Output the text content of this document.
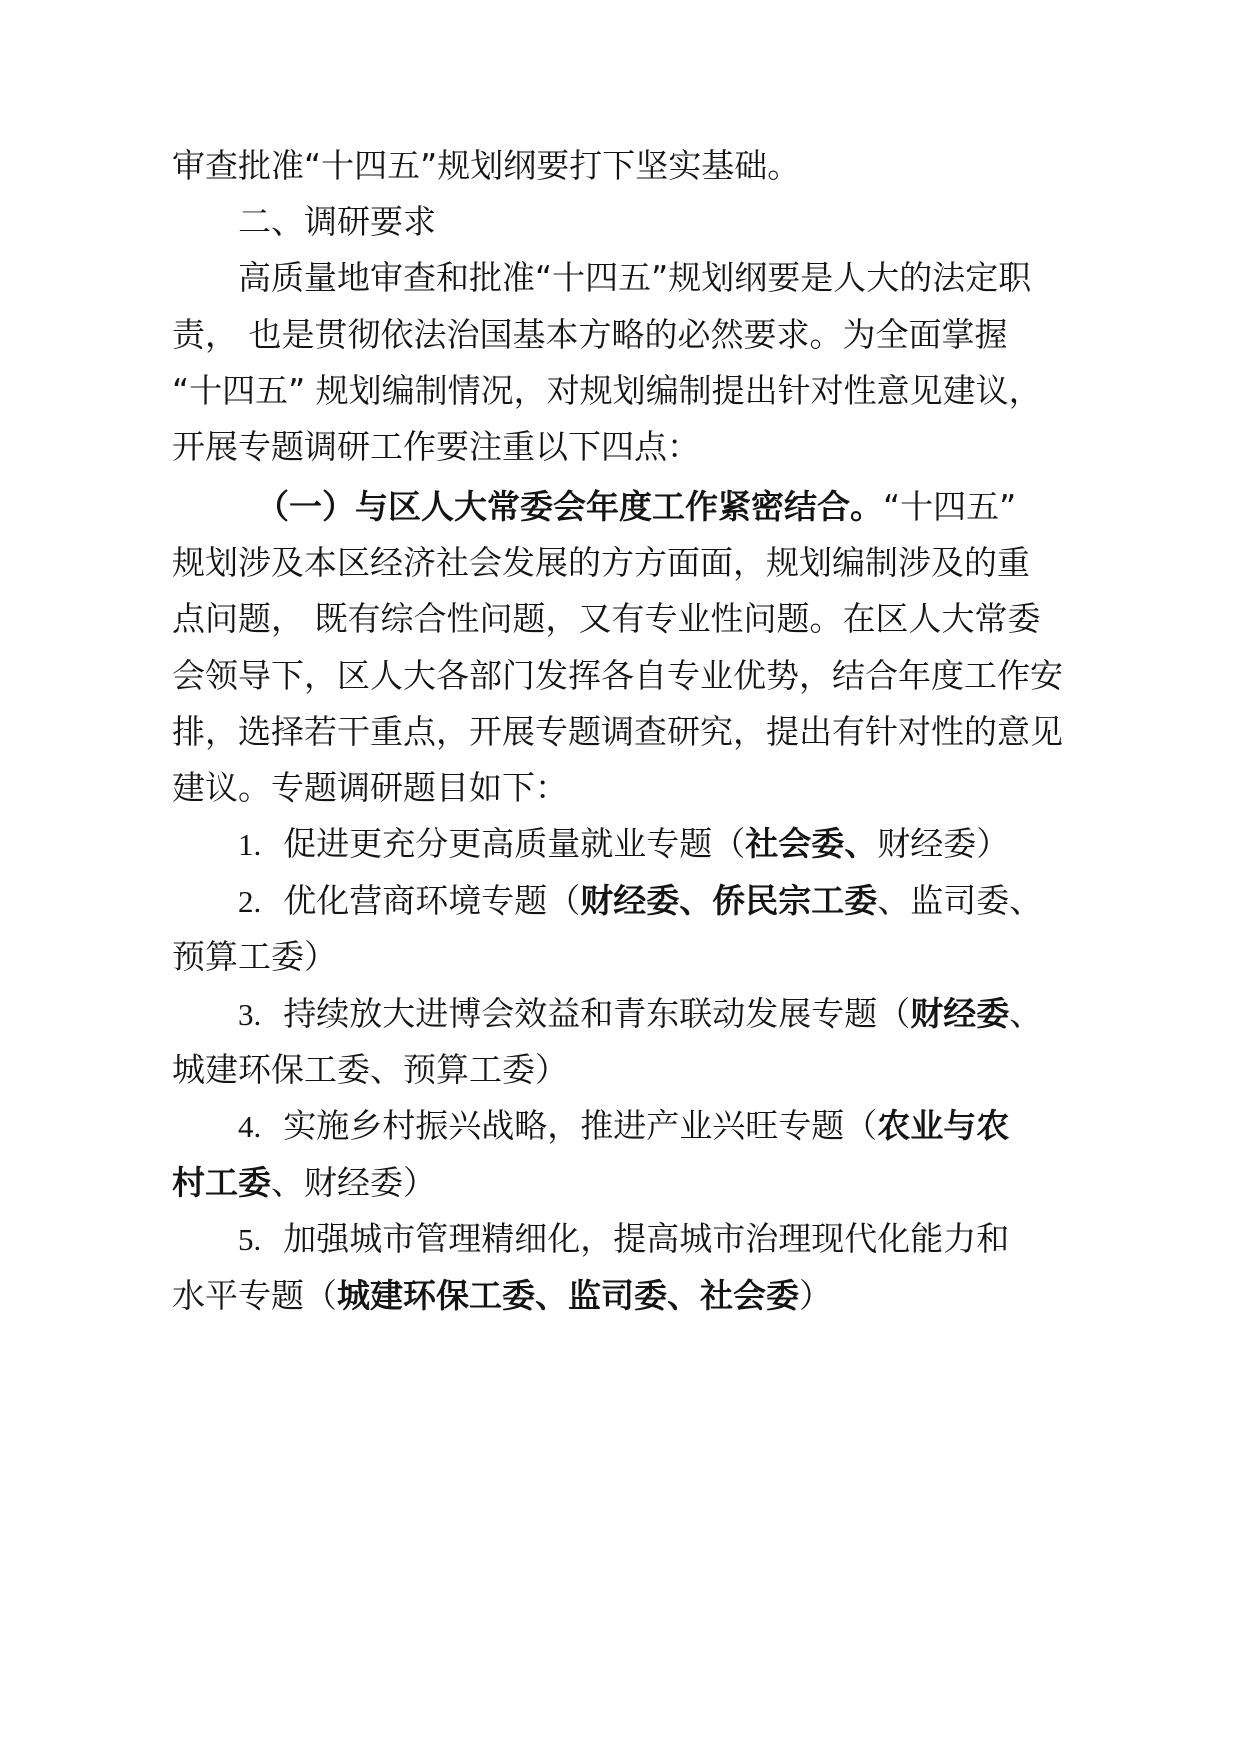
审查批准“十四五”规划纲要打下坚实基础。
二、调研要求
高质量地审查和批准“十四五”规划纲要是人大的法定职
责， 也是贯彻依法治国基本方略的必然要求。为全面掌握
“十四五” 规划编制情况，对规划编制提出针对性意见建议，
开展专题调研工作要注重以下四点：
（一）与区人大常委会年度工作紧密结合。“十四五”
规划涉及本区经济社会发展的方方面面，规划编制涉及的重
点问题， 既有综合性问题，又有专业性问题。在区人大常委
会领导下，区人大各部门发挥各自专业优势，结合年度工作安
排，选择若干重点，开展专题调查研究，提出有针对性的意见
建议。专题调研题目如下：
1. 促进更充分更高质量就业专题（社会委、财经委）
2. 优化营商环境专题（财经委、侨民宗工委、监司委、
预算工委）
3. 持续放大进博会效益和青东联动发展专题（财经委、
城建环保工委、预算工委）
4. 实施乡村振兴战略，推进产业兴旺专题（农业与农
村工委、财经委）
5. 加强城市管理精细化，提高城市治理现代化能力和
水平专题（城建环保工委、监司委、社会委）
